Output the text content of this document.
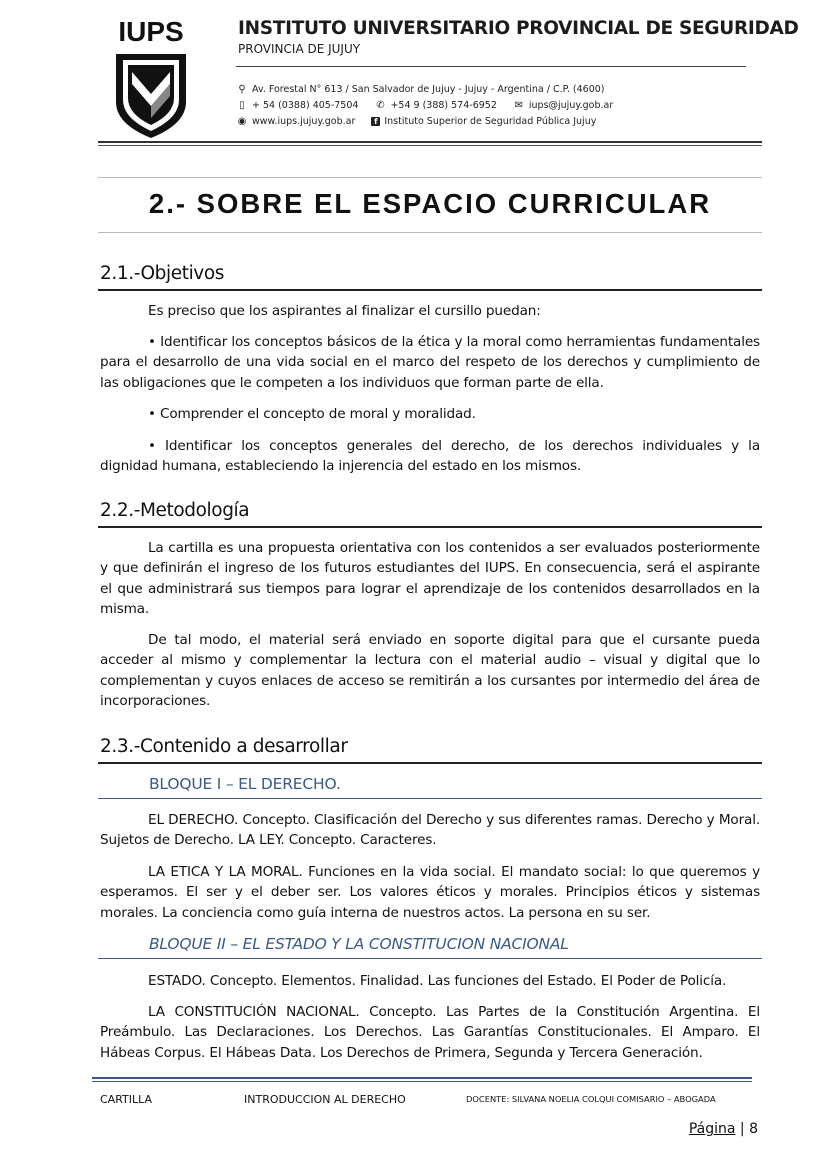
IUPS	INSTITUTO UNIVERSITARIO PROVINCIAL DE SEGURIDAD
PROVINCIA DE JUJUY
⚲ Av. Forestal N° 613 / San Salvador de Jujuy - Jujuy - Argentina / C.P. (4600)
▯ + 54 (0388) 405-7504 ✆ +54 9 (388) 574-6952 ✉ iups@jujuy.gob.ar
◉ www.iups.jujuy.gob.ar	f Instituto Superior de Seguridad Pública Jujuy
2.- SOBRE EL ESPACIO CURRICULAR
2.1.-Objetivos
Es preciso que los aspirantes al finalizar el cursillo puedan:
• Identificar los conceptos básicos de la ética y la moral como herramientas fundamentales para el desarrollo de una vida social en el marco del respeto de los derechos y cumplimiento de las obligaciones que le competen a los individuos que forman parte de ella.
• Comprender el concepto de moral y moralidad.
• Identificar los conceptos generales del derecho, de los derechos individuales y la dignidad humana, estableciendo la injerencia del estado en los mismos.
2.2.-Metodología
La cartilla es una propuesta orientativa con los contenidos a ser evaluados posteriormente y que definirán el ingreso de los futuros estudiantes del IUPS. En consecuencia, será el aspirante el que administrará sus tiempos para lograr el aprendizaje de los contenidos desarrollados en la misma.
De tal modo, el material será enviado en soporte digital para que el cursante pueda acceder al mismo y complementar la lectura con el material audio – visual y digital que lo complementan y cuyos enlaces de acceso se remitirán a los cursantes por intermedio del área de incorporaciones.
2.3.-Contenido a desarrollar
BLOQUE I – EL DERECHO.
EL DERECHO. Concepto. Clasificación del Derecho y sus diferentes ramas. Derecho y Moral. Sujetos de Derecho. LA LEY. Concepto. Caracteres.
LA ETICA Y LA MORAL. Funciones en la vida social. El mandato social: lo que queremos y esperamos. El ser y el deber ser. Los valores éticos y morales. Principios éticos y sistemas morales. La conciencia como guía interna de nuestros actos. La persona en su ser.
BLOQUE II – EL ESTADO Y LA CONSTITUCION NACIONAL
ESTADO. Concepto. Elementos. Finalidad. Las funciones del Estado. El Poder de Policía.
LA CONSTITUCIÓN NACIONAL. Concepto. Las Partes de la Constitución Argentina. El Preámbulo. Las Declaraciones. Los Derechos. Las Garantías Constitucionales. El Amparo. El Hábeas Corpus. El Hábeas Data. Los Derechos de Primera, Segunda y Tercera Generación.
CARTILLA	INTRODUCCION AL DERECHO	DOCENTE: SILVANA NOELIA COLQUI COMISARIO – ABOGADA
Página | 8
